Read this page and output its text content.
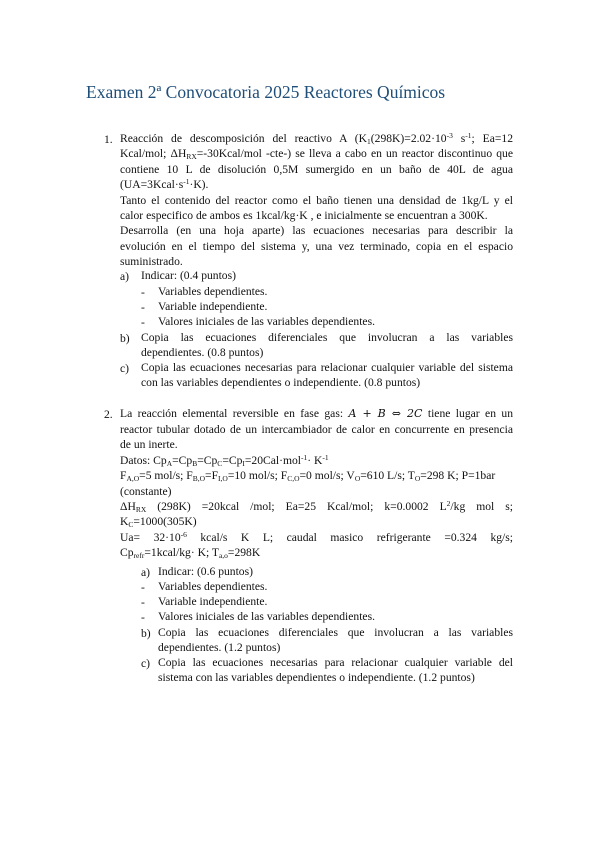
Examen 2ª Convocatoria 2025 Reactores Químicos
1. Reacción de descomposición del reactivo A ($K_1(298K)=2.02\cdot 10^{-3}$ $s^{-1}$; Ea=12
Kcal/mol; $\Delta H_{RX}=-30Kcal$/mol -cte-) se lleva a cabo en un reactor discontinuo que
contiene 10 L de disolución 0,5M sumergido en un baño de 40L de agua
$(UA=3Kcal\cdot s^{-1}\cdot K)$.
Tanto el contenido del reactor como el baño tienen una densidad de 1kg/L y el
calor especifico de ambos es 1kcal/kg·K , e inicialmente se encuentran a 300K.
Desarrolla (en una hoja aparte) las ecuaciones necesarias para describir la
evolución en el tiempo del sistema y, una vez terminado, copia en el espacio
suministrado.
a) Indicar: (0.4 puntos)
- Variables dependientes.
- Variable independiente.
- Valores iniciales de las variables dependientes.
b) Copia las ecuaciones diferenciales que involucran a las variables
dependientes. (0.8 puntos)
c) Copia las ecuaciones necesarias para relacionar cualquier variable del sistema
con las variables dependientes o independiente. (0.8 puntos)
2. La reacción elemental reversible en fase gas: A + B ⇔ 2C tiene lugar en un
reactor tubular dotado de un intercambiador de calor en concurrente en presencia
de un inerte.
Datos: $Cp_A=Cp_B=Cp_C=Cp_I=20Cal\cdot mol^{-1}\cdot K^{-1}$
$F_{A,O}=5$ mol/s; $F_{B,O}=F_{I,O}=10$ mol/s; $F_{C,O}=0$ mol/s; $V_O=610$ L/s; $T_O=298$ K; P=1bar
(constante)
$\Delta H_{RX}$ (298K) =20kcal /mol; Ea=25 Kcal/mol; k=0.0002 $L^2/kg$ mol s;
$K_C=1000(305K)$
$Ua= 32\cdot 10^{-6}$ kcal/s K L; caudal masico refrigerante =0.324 kg/s;
$Cp_{refr}=1kcal/kg\cdot K$; $T_{a,o}=298K$
a) Indicar: (0.6 puntos)
- Variables dependientes.
- Variable independiente.
- Valores iniciales de las variables dependientes.
b) Copia las ecuaciones diferenciales que involucran a las variables
dependientes. (1.2 puntos)
c) Copia las ecuaciones necesarias para relacionar cualquier variable del
sistema con las variables dependientes o independiente. (1.2 puntos)
